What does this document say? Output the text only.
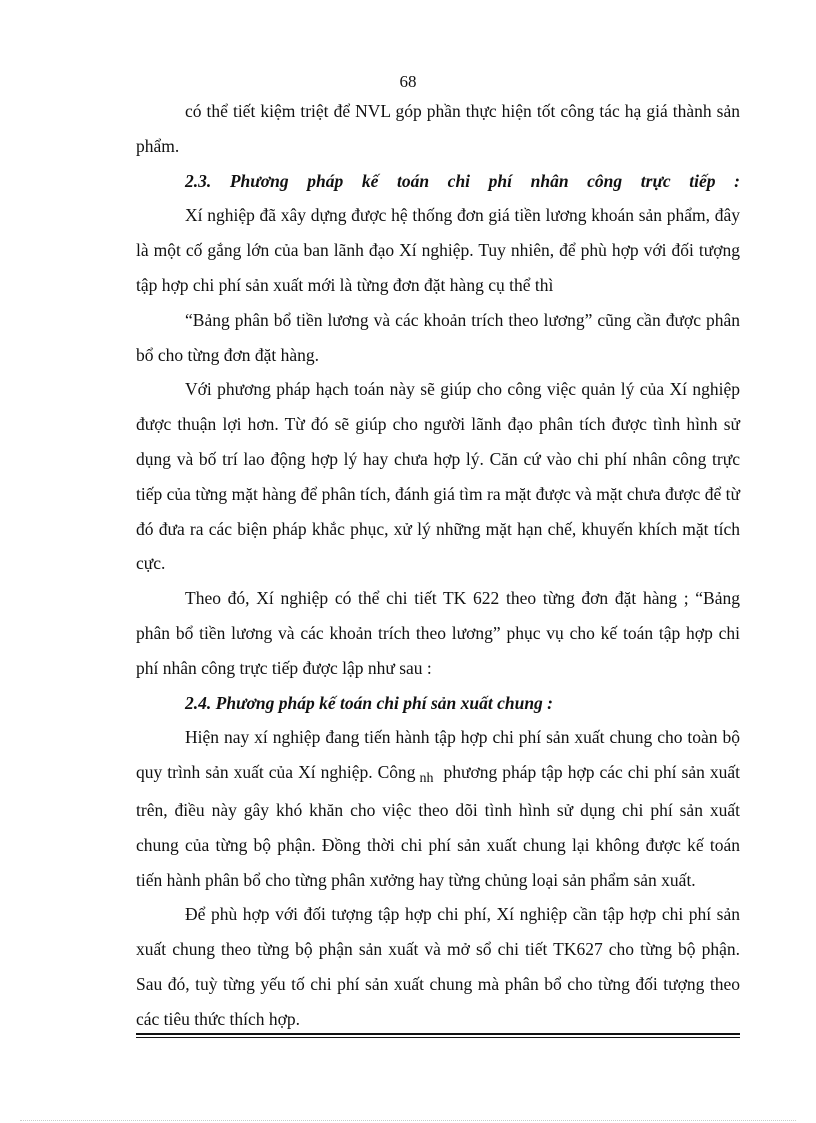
68

có thể tiết kiệm triệt để NVL góp phần thực hiện tốt công tác hạ giá thành sản phẩm.

2.3. Phương pháp kế toán chi phí nhân công trực tiếp :

Xí nghiệp đã xây dựng được hệ thống đơn giá tiền lương khoán sản phẩm, đây là một cố gắng lớn của ban lãnh đạo Xí nghiệp. Tuy nhiên, để phù hợp với đối tượng tập hợp chi phí sản xuất mới là từng đơn đặt hàng cụ thể thì

“Bảng phân bổ tiền lương và các khoản trích theo lương” cũng cần được phân bổ cho từng đơn đặt hàng.

Với phương pháp hạch toán này sẽ giúp cho công việc quản lý của Xí nghiệp được thuận lợi hơn. Từ đó sẽ giúp cho người lãnh đạo phân tích được tình hình sử dụng và bố trí lao động hợp lý hay chưa hợp lý. Căn cứ vào chi phí nhân công trực tiếp của từng mặt hàng để phân tích, đánh giá tìm ra mặt được và mặt chưa được để từ đó đưa ra các biện pháp khắc phục, xử lý những mặt hạn chế, khuyến khích mặt tích cực.

Theo đó, Xí nghiệp có thể chi tiết TK 622 theo từng đơn đặt hàng ; “Bảng phân bổ tiền lương và các khoản trích theo lương” phục vụ cho kế toán tập hợp chi phí nhân công trực tiếp được lập như sau :

2.4. Phương pháp kế toán chi phí sản xuất chung :

Hiện nay xí nghiệp đang tiến hành tập hợp chi phí sản xuất chung cho toàn bộ quy trình sản xuất của Xí nghiệp. Công $_{nh}$ phương pháp tập hợp các chi phí sản xuất trên, điều này gây khó khăn cho việc theo dõi tình hình sử dụng chi phí sản xuất chung của từng bộ phận. Đồng thời chi phí sản xuất chung lại không được kế toán tiến hành phân bổ cho từng phân xưởng hay từng chủng loại sản phẩm sản xuất.

Để phù hợp với đối tượng tập hợp chi phí, Xí nghiệp cần tập hợp chi phí sản xuất chung theo từng bộ phận sản xuất và mở sổ chi tiết TK627 cho từng bộ phận. Sau đó, tuỳ từng yếu tố chi phí sản xuất chung mà phân bổ cho từng đối tượng theo các tiêu thức thích hợp.
